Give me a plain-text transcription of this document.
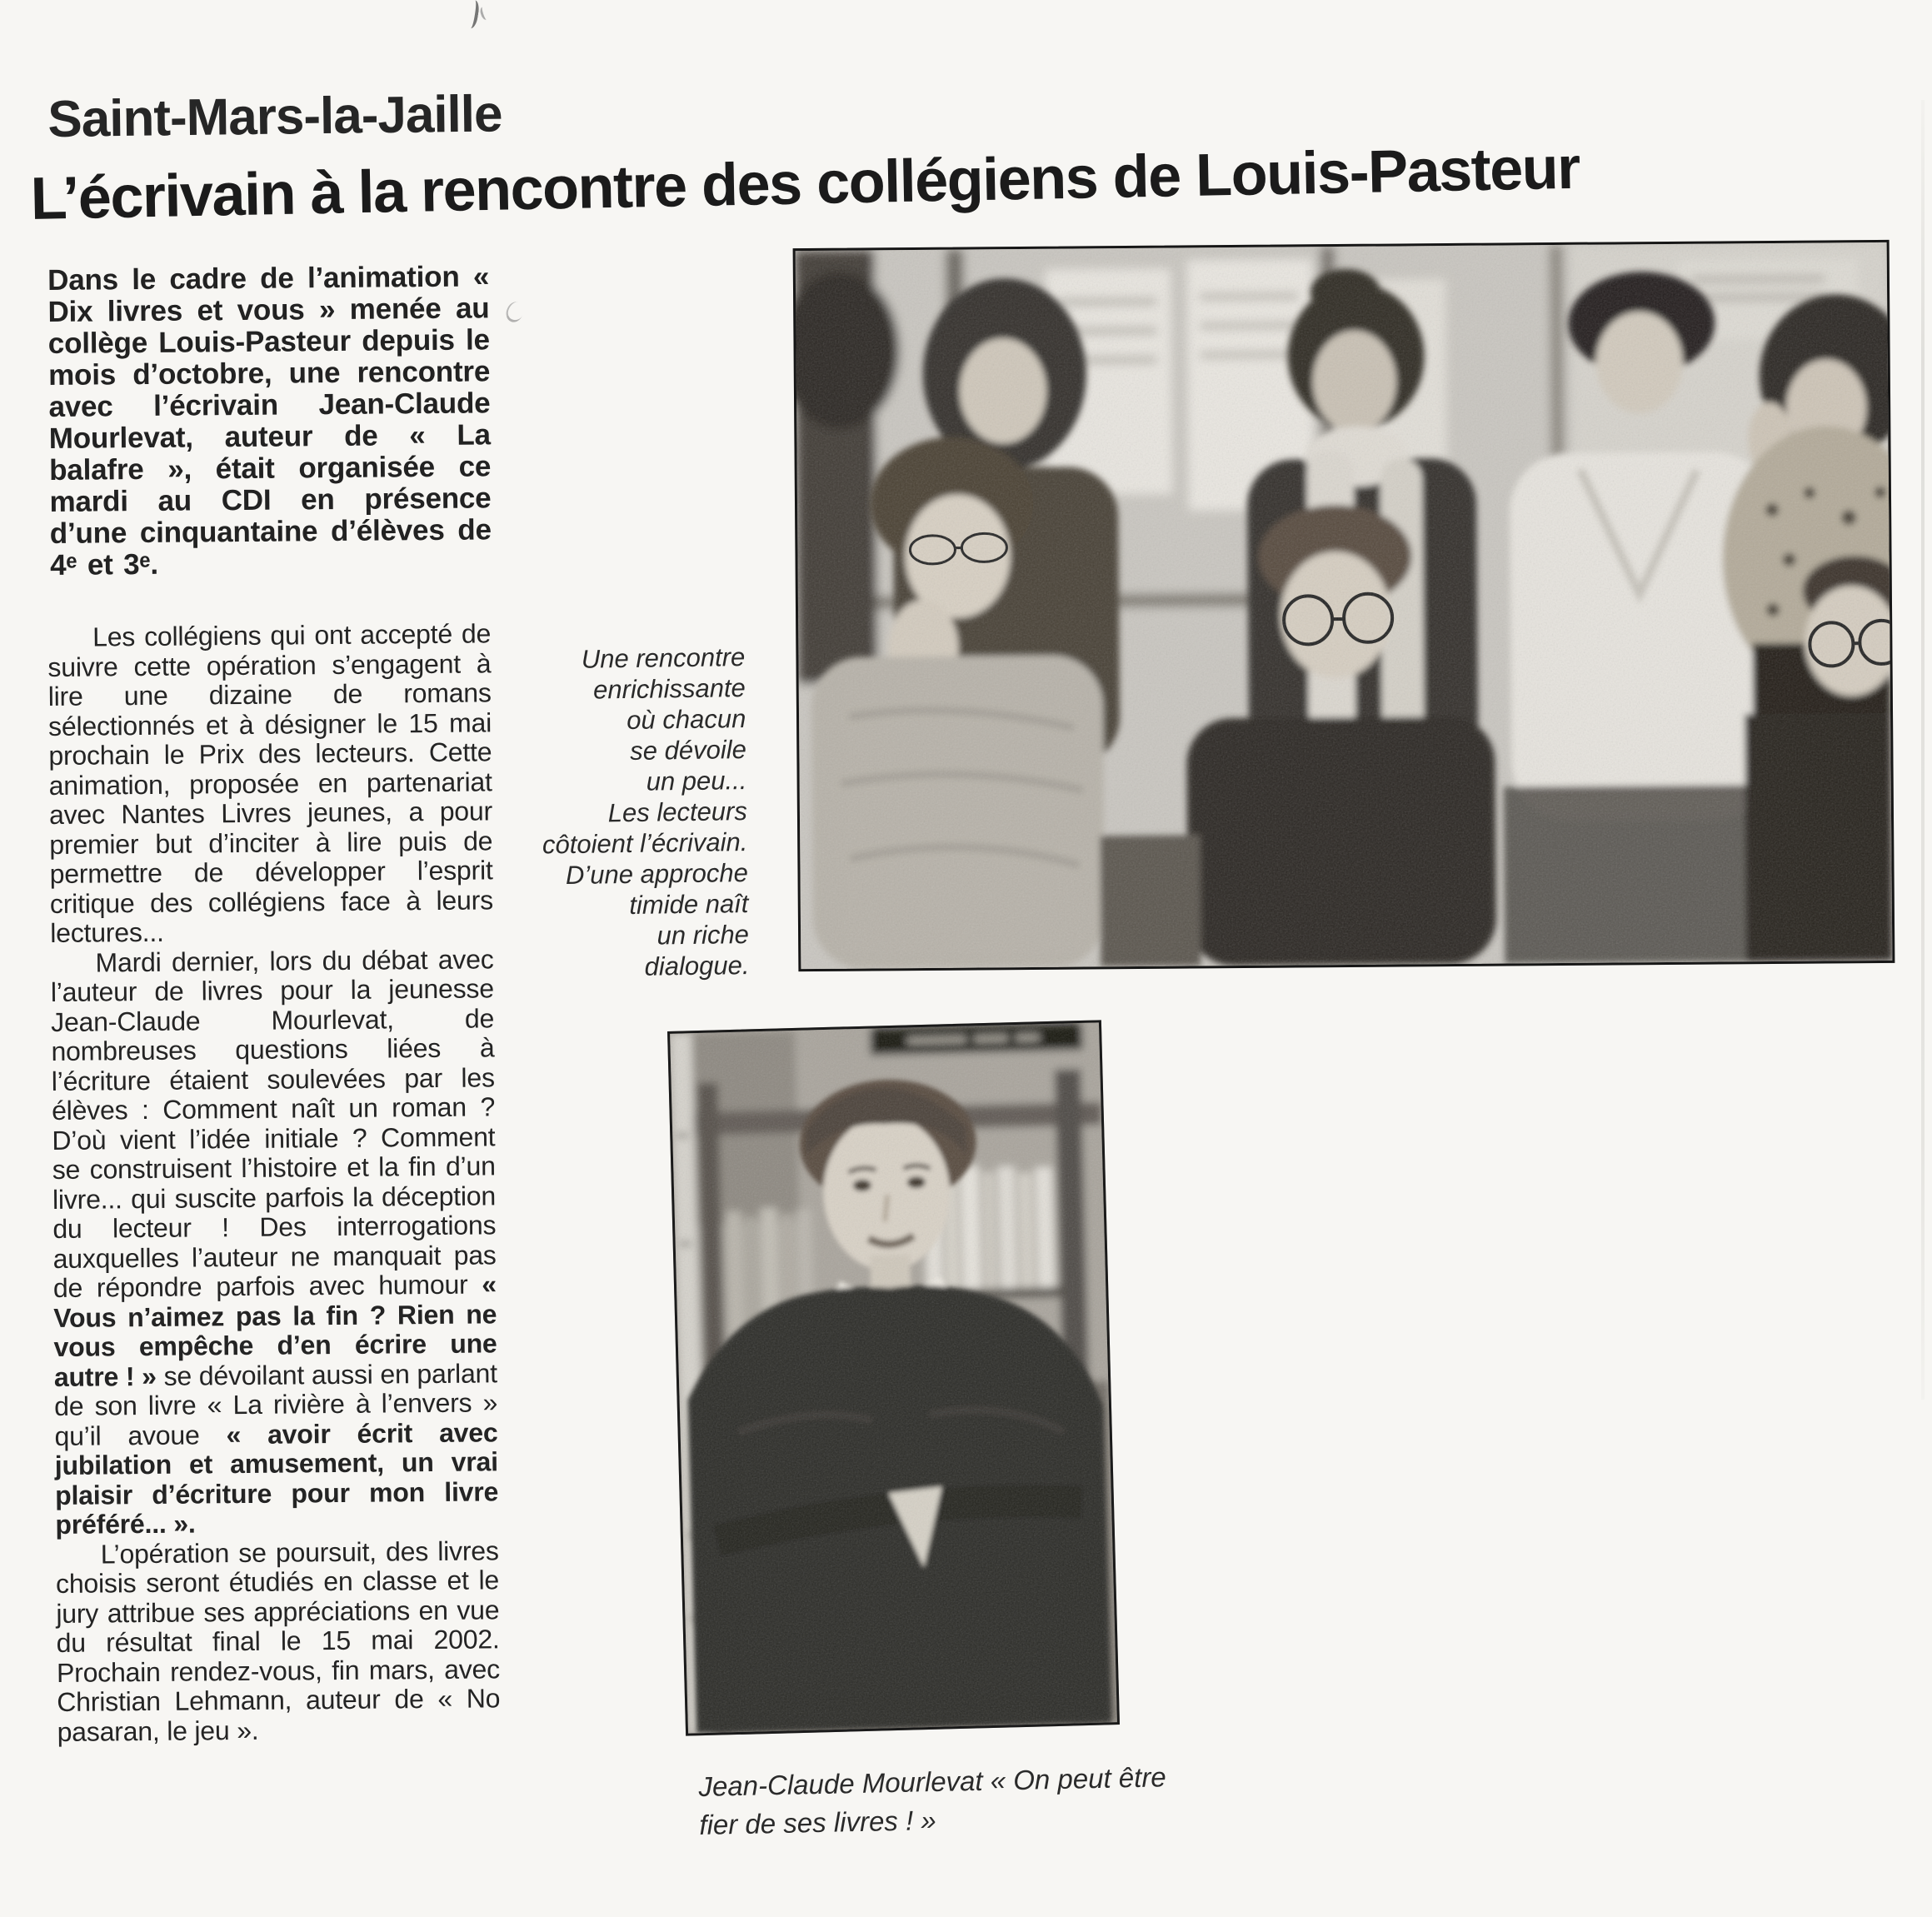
Saint-Mars-la-Jaille
L’écrivain à la rencontre des collégiens de Louis-Pasteur

Dans le cadre de l’animation « Dix livres et vous » menée au collège Louis-Pasteur depuis le mois d’octobre, une rencontre avec l’écrivain Jean-Claude Mourlevat, auteur de « La balafre », était organisée ce mardi au CDI en présence d’une cinquantaine d’élèves de 4ᵉ et 3ᵉ.

Les collégiens qui ont accepté de suivre cette opération s’engagent à lire une dizaine de romans sélectionnés et à désigner le 15 mai prochain le Prix des lecteurs. Cette animation, proposée en partenariat avec Nantes Livres jeunes, a pour premier but d’inciter à lire puis de permettre de développer l’esprit critique des collégiens face à leurs lectures...

Mardi dernier, lors du débat avec l’auteur de livres pour la jeunesse Jean-Claude Mourlevat, de nombreuses questions liées à l’écriture étaient soulevées par les élèves : Comment naît un roman ? D’où vient l’idée initiale ? Comment se construisent l’histoire et la fin d’un livre... qui suscite parfois la déception du lecteur ! Des interrogations auxquelles l’auteur ne manquait pas de répondre parfois avec humour « Vous n’aimez pas la fin ? Rien ne vous empêche d’en écrire une autre ! » se dévoilant aussi en parlant de son livre « La rivière à l’envers » qu’il avoue « avoir écrit avec jubilation et amusement, un vrai plaisir d’écriture pour mon livre préféré... ».

L’opération se poursuit, des livres choisis seront étudiés en classe et le jury attribue ses appréciations en vue du résultat final le 15 mai 2002. Prochain rendez-vous, fin mars, avec Christian Lehmann, auteur de « No pasaran, le jeu ».

Une rencontre
enrichissante
où chacun
se dévoile
un peu...
Les lecteurs
côtoient l’écrivain.
D’une approche
timide naît
un riche
dialogue.
Jean-Claude Mourlevat « On peut être
fier de ses livres ! »
